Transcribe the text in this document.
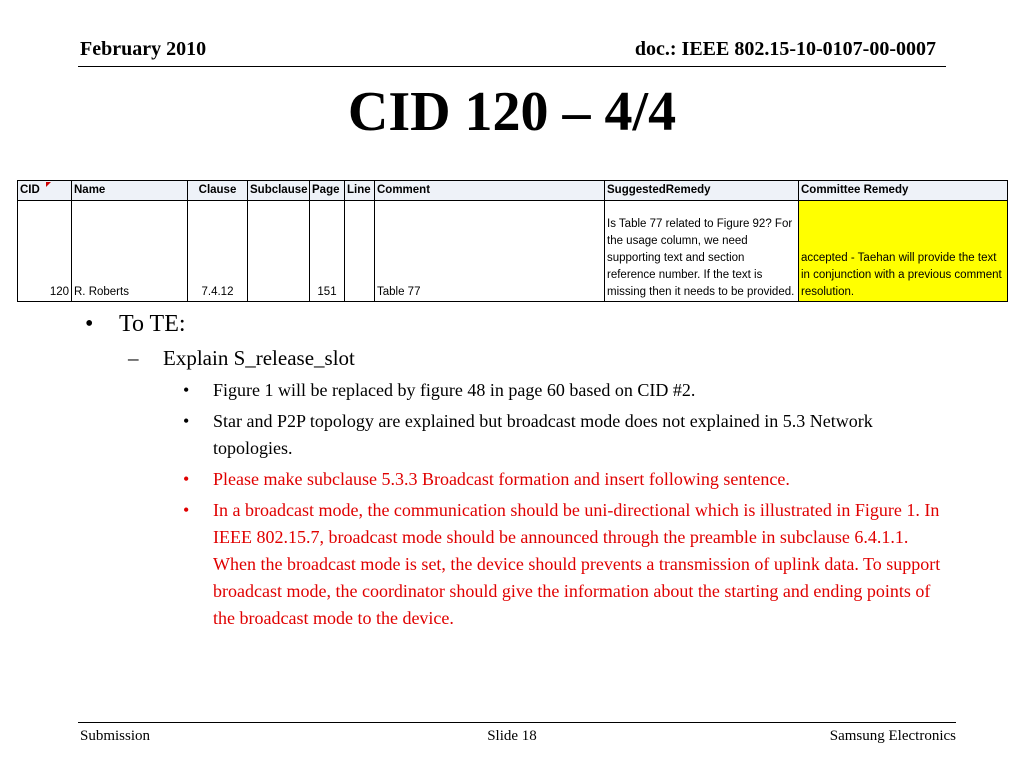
February 2010	doc.: IEEE 802.15-10-0107-00-0007
CID 120 – 4/4
CID	Name	Clause	Subclause	Page	Line	Comment	SuggestedRemedy	Committee Remedy
120	R. Roberts	7.4.12		151		Table 77	Is Table 77 related to Figure 92? For the usage column, we need supporting text and section reference number. If the text is missing then it needs to be provided.	accepted - Taehan will provide the text in conjunction with a previous comment resolution.
• To TE:
– Explain S_release_slot
• Figure 1 will be replaced by figure 48 in page 60 based on CID #2.
• Star and P2P topology are explained but broadcast mode does not explained in 5.3 Network topologies.
• Please make subclause 5.3.3 Broadcast formation and insert following sentence.
• In a broadcast mode, the communication should be uni-directional which is illustrated in Figure 1. In IEEE 802.15.7, broadcast mode should be announced through the preamble in subclause 6.4.1.1. When the broadcast mode is set, the device should prevents a transmission of uplink data. To support broadcast mode, the coordinator should give the information about the starting and ending points of the broadcast mode to the device.
Submission	Slide 18	Samsung Electronics
